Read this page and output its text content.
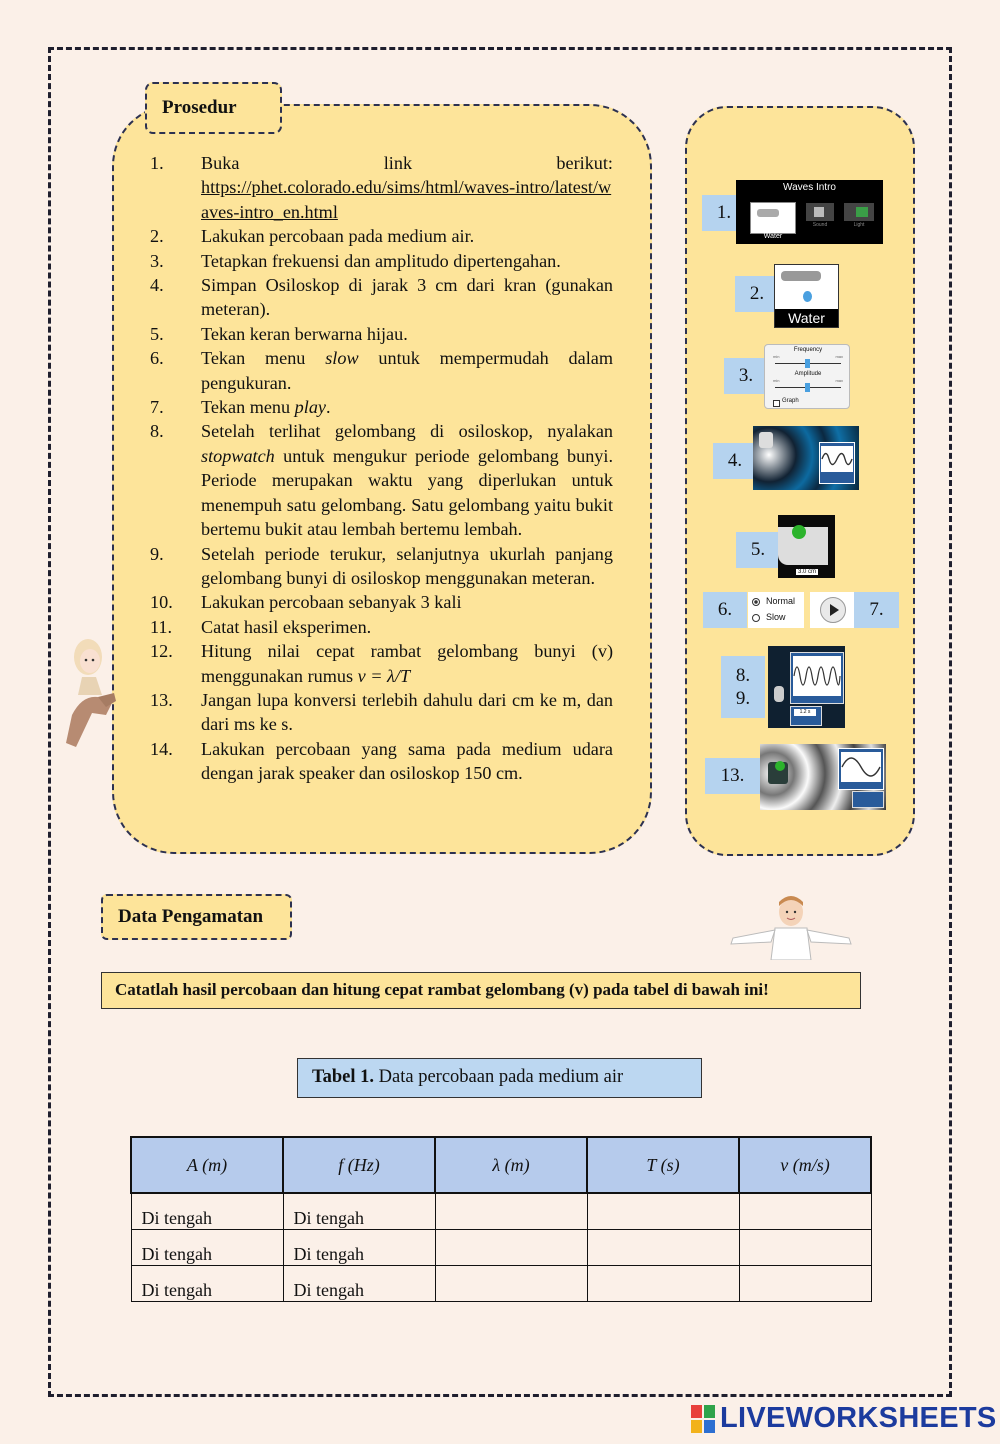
Prosedur
1. Buka link berikut:
https://phet.colorado.edu/sims/html/waves-intro/latest/waves-intro_en.html
2. Lakukan percobaan pada medium air.
3. Tetapkan frekuensi dan amplitudo dipertengahan.
4. Simpan Osiloskop di jarak 3 cm dari kran (gunakan meteran).
5. Tekan keran berwarna hijau.
6. Tekan menu slow untuk mempermudah dalam pengukuran.
7. Tekan menu play.
8. Setelah terlihat gelombang di osiloskop, nyalakan stopwatch untuk mengukur periode gelombang bunyi. Periode merupakan waktu yang diperlukan untuk menempuh satu gelombang. Satu gelombang yaitu bukit bertemu bukit atau lembah bertemu lembah.
9. Setelah periode terukur, selanjutnya ukurlah panjang gelombang bunyi di osiloskop menggunakan meteran.
10. Lakukan percobaan sebanyak 3 kali
11. Catat hasil eksperimen.
12. Hitung nilai cepat rambat gelombang bunyi (v) menggunakan rumus v = λ/T
13. Jangan lupa konversi terlebih dahulu dari cm ke m, dan dari ms ke s.
14. Lakukan percobaan yang sama pada medium udara dengan jarak speaker dan osiloskop 150 cm.
1.
Waves Intro
Water
Sound	Light
2.
Water
3.
Frequency
min	max
Amplitude
min	max
Graph
4.
5.
3.0 cm
6.	Normal
Slow	7.
8.
9.
1.2 s
13.
Data Pengamatan
Catatlah hasil percobaan dan hitung cepat rambat gelombang (v) pada tabel di bawah ini!
Tabel 1. Data percobaan pada medium air
A (m)	f (Hz)	λ (m)	T (s)	v (m/s)
Di tengah	Di tengah			
Di tengah	Di tengah			
Di tengah	Di tengah			
LIVEWORKSHEETS
